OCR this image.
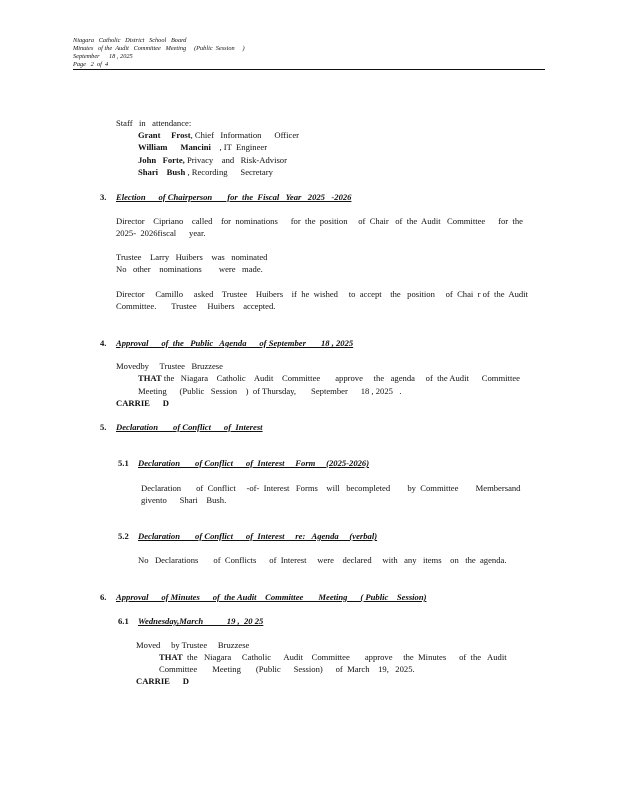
Niagara   Catholic   District   School   Board
Minutes   of the  Audit   Committee   Meeting     (Public  Session     )
September      18 , 2025
Page   2  of  4
Staff   in   attendance:
Grant     Frost, Chief   Information      Officer
William      Mancini    , IT  Engineer
John   Forte, Privacy    and   Risk-Advisor
Shari    Bush , Recording      Secretary
3. Election      of Chairperson       for  the  Fiscal   Year   2025   -2026
Director    Cipriano    called    for  nominations      for  the  position     of  Chair   of  the  Audit   Committee      for  the
2025-  2026fiscal      year.
Trustee    Larry   Huibers    was   nominated
No   other    nominations        were   made.
Director     Camillo     asked    Trustee    Huibers    if  he  wished     to  accept    the   position     of  Chai  r of  the  Audit
Committee.       Trustee     Huibers    accepted.
4. Approval      of  the   Public   Agenda      of September       18 , 2025
Movedby     Trustee   Bruzzese
THAT the   Niagara    Catholic    Audit    Committee       approve     the   agenda     of  the Audit      Committee
Meeting      (Public   Session    )  of Thursday,       September      18 , 2025   .
CARRIE      D
5. Declaration       of Conflict      of  Interest
5.1 Declaration       of Conflict      of  Interest     Form     (2025-2026)
Declaration       of  Conflict     -of-  Interest   Forms    will   becompleted        by  Committee        Membersand
givento      Shari    Bush.
5.2 Declaration       of Conflict      of  Interest     re:   Agenda     (verbal)
No   Declarations       of  Conflicts      of  Interest     were    declared     with   any   items    on   the  agenda.
6. Approval      of Minutes      of  the Audit    Committee       Meeting      ( Public    Session)
6.1 Wednesday,March           19 ,  20 25
Moved     by Trustee     Bruzzese
THAT  the   Niagara     Catholic      Audit    Committee       approve     the  Minutes      of  the   Audit
Committee       Meeting       (Public      Session)      of  March    19,   2025.
CARRIE      D
